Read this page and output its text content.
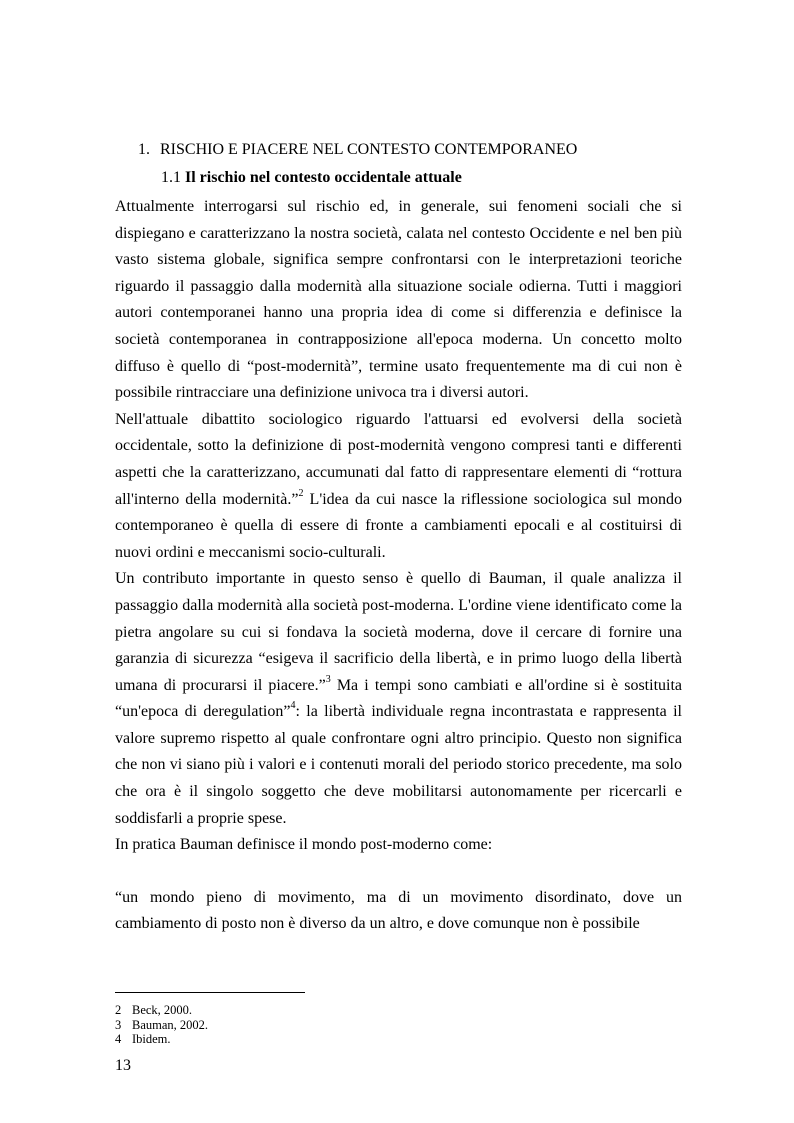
1. RISCHIO E PIACERE NEL CONTESTO CONTEMPORANEO
1.1 Il rischio nel contesto occidentale attuale

Attualmente interrogarsi sul rischio ed, in generale, sui fenomeni sociali che si dispiegano e caratterizzano la nostra società, calata nel contesto Occidente e nel ben più vasto sistema globale, significa sempre confrontarsi con le interpretazioni teoriche riguardo il passaggio dalla modernità alla situazione sociale odierna. Tutti i maggiori autori contemporanei hanno una propria idea di come si differenzia e definisce la società contemporanea in contrapposizione all'epoca moderna. Un concetto molto diffuso è quello di “post-modernità”, termine usato frequentemente ma di cui non è possibile rintracciare una definizione univoca tra i diversi autori.

Nell'attuale dibattito sociologico riguardo l'attuarsi ed evolversi della società occidentale, sotto la definizione di post-modernità vengono compresi tanti e differenti aspetti che la caratterizzano, accumunati dal fatto di rappresentare elementi di “rottura all'interno della modernità.”$^2$ L'idea da cui nasce la riflessione sociologica sul mondo contemporaneo è quella di essere di fronte a cambiamenti epocali e al costituirsi di nuovi ordini e meccanismi socio-culturali.

Un contributo importante in questo senso è quello di Bauman, il quale analizza il passaggio dalla modernità alla società post-moderna. L'ordine viene identificato come la pietra angolare su cui si fondava la società moderna, dove il cercare di fornire una garanzia di sicurezza “esigeva il sacrificio della libertà, e in primo luogo della libertà umana di procurarsi il piacere.”$^3$ Ma i tempi sono cambiati e all'ordine si è sostituita “un'epoca di deregulation”$^4$: la libertà individuale regna incontrastata e rappresenta il valore supremo rispetto al quale confrontare ogni altro principio. Questo non significa che non vi siano più i valori e i contenuti morali del periodo storico precedente, ma solo che ora è il singolo soggetto che deve mobilitarsi autonomamente per ricercarli e soddisfarli a proprie spese.

In pratica Bauman definisce il mondo post-moderno come:

“un mondo pieno di movimento, ma di un movimento disordinato, dove un cambiamento di posto non è diverso da un altro, e dove comunque non è possibile

2 Beck, 2000.
3 Bauman, 2002.
4 Ibidem.
13
